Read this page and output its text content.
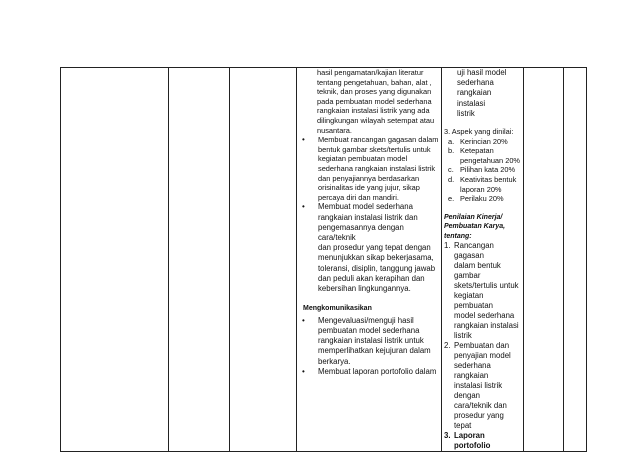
hasil pengamatan/kajian literatur
tentang pengetahuan, bahan, alat ,
teknik, dan proses yang digunakan
pada pembuatan model sederhana
rangkaian instalasi listrik yang ada
dilingkungan wilayah setempat atau
nusantara.
•	Membuat rancangan gagasan dalam
bentuk gambar skets/tertulis untuk
kegiatan pembuatan model
sederhana rangkaian instalasi listrik
dan penyajiannya berdasarkan
orisinalitas ide yang jujur, sikap
percaya diri dan mandiri.
•	Membuat model sederhana
rangkaian instalasi listrik dan
pengemasannya dengan cara/teknik
dan prosedur yang tepat dengan
menunjukkan sikap bekerjasama,
toleransi, disiplin, tanggung jawab
dan peduli akan kerapihan dan
kebersihan lingkungannya.
Mengkomunikasikan
•	Mengevaluasi/menguji hasil
pembuatan model sederhana
rangkaian instalasi listrik untuk
memperlihatkan kejujuran dalam
berkarya.
•	Membuat laporan portofolio dalam

uji hasil model
sederhana
rangkaian instalasi
listrik
3. Aspek yang dinilai:
a. Kerincian 20%
b. Ketepatan
pengetahuan 20%
c. Pilihan kata 20%
d. Keativitas bentuk
laporan 20%
e. Perilaku 20%
Penilaian Kinerja/
Pembuatan Karya,
tentang:
1. Rancangan gagasan
dalam bentuk gambar
skets/tertulis untuk
kegiatan pembuatan
model sederhana
rangkaian instalasi
listrik
2. Pembuatan dan
penyajian model
sederhana rangkaian
instalasi listrik dengan
cara/teknik dan
prosedur yang tepat
3. Laporan portofolio
